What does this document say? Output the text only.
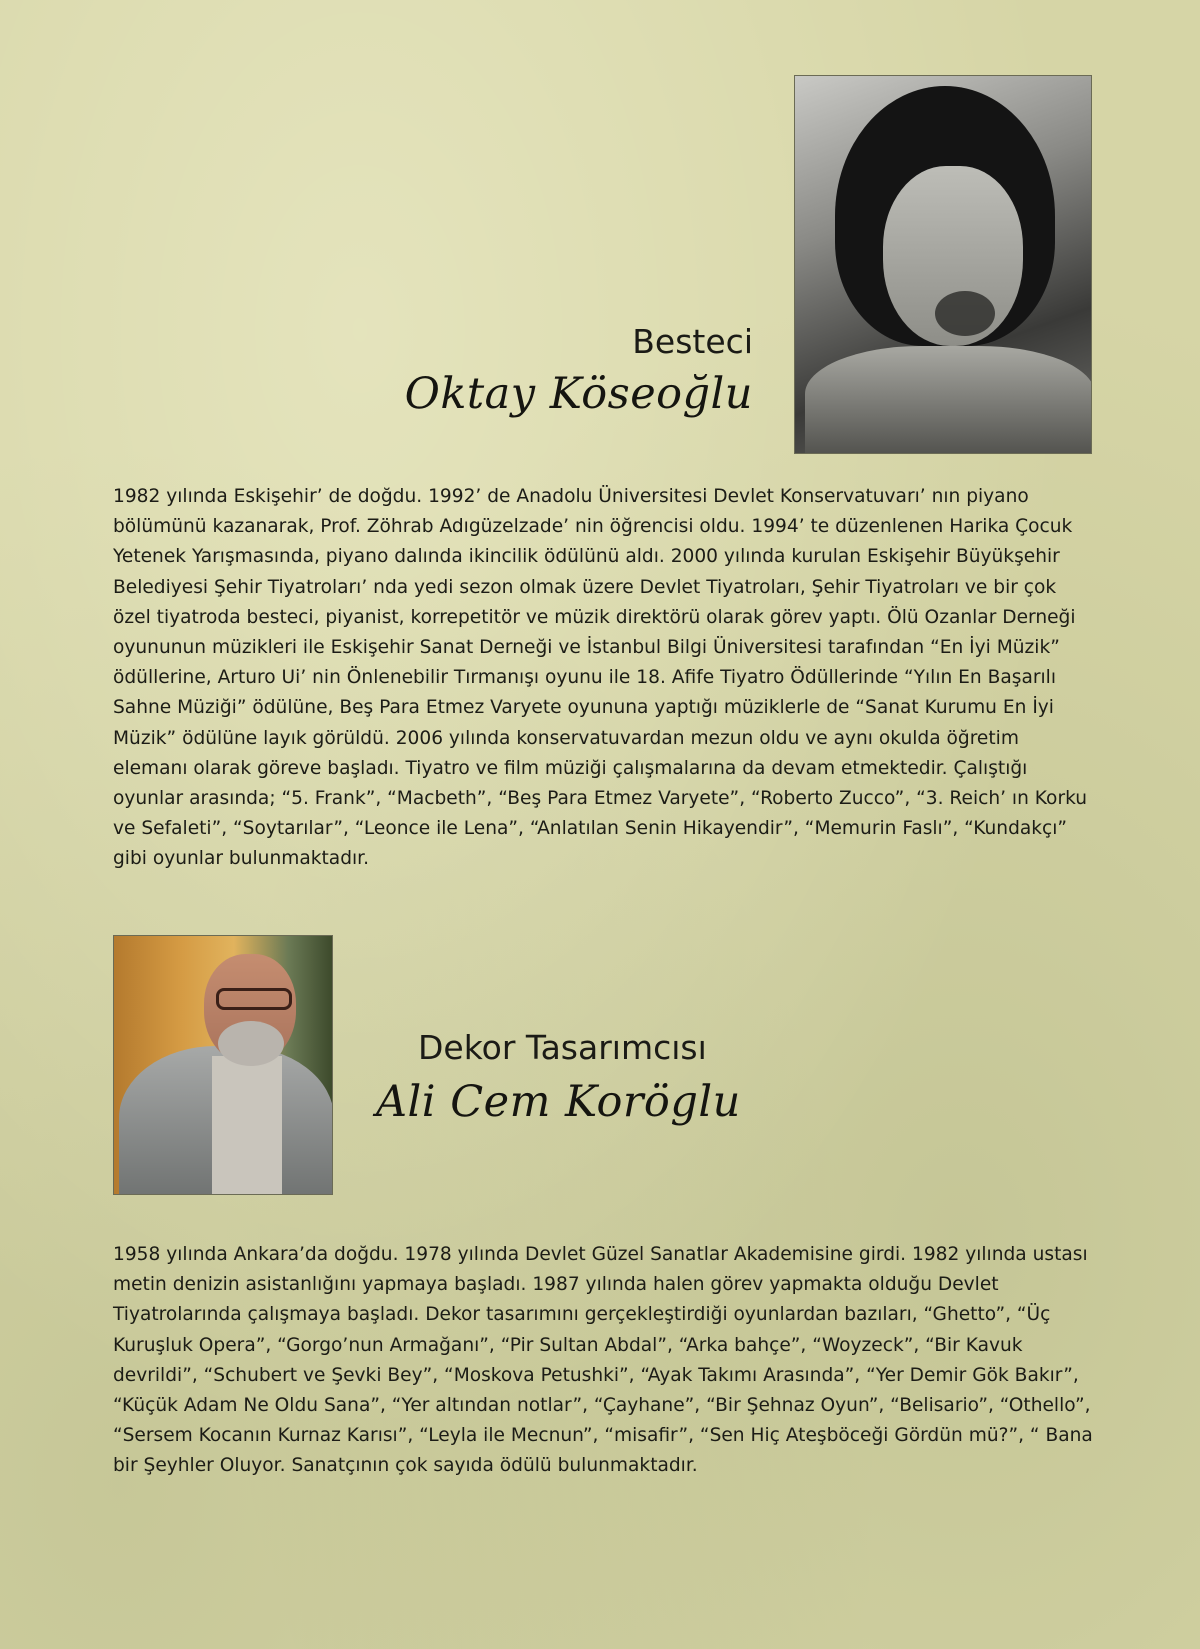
Besteci
Oktay Köseoğlu

1982 yılında Eskişehir’ de doğdu. 1992’ de Anadolu Üniversitesi Devlet Konservatuvarı’ nın piyano bölümünü kazanarak, Prof. Zöhrab Adıgüzelzade’ nin öğrencisi oldu. 1994’ te düzenlenen Harika Çocuk Yetenek Yarışmasında, piyano dalında ikincilik ödülünü aldı. 2000 yılında kurulan Eskişehir Büyükşehir Belediyesi Şehir Tiyatroları’ nda yedi sezon olmak üzere Devlet Tiyatroları, Şehir Tiyatroları ve bir çok özel tiyatroda besteci, piyanist, korrepetitör ve müzik direktörü olarak görev yaptı. Ölü Ozanlar Derneği oyununun müzikleri ile Eskişehir Sanat Derneği ve İstanbul Bilgi Üniversitesi tarafından “En İyi Müzik” ödüllerine, Arturo Ui’ nin Önlenebilir Tırmanışı oyunu ile 18. Afife Tiyatro Ödüllerinde “Yılın En Başarılı Sahne Müziği” ödülüne, Beş Para Etmez Varyete oyununa yaptığı müziklerle de “Sanat Kurumu En İyi Müzik” ödülüne layık görüldü. 2006 yılında konservatuvardan mezun oldu ve aynı okulda öğretim elemanı olarak göreve başladı. Tiyatro ve film müziği çalışmalarına da devam etmektedir. Çalıştığı oyunlar arasında; “5. Frank”, “Macbeth”, “Beş Para Etmez Varyete”, “Roberto Zucco”, “3. Reich’ ın Korku ve Sefaleti”, “Soytarılar”, “Leonce ile Lena”, “Anlatılan Senin Hikayendir”, “Memurin Faslı”, “Kundakçı” gibi oyunlar bulunmaktadır.

Dekor Tasarımcısı
Ali Cem Koröglu

1958 yılında Ankara’da doğdu. 1978 yılında Devlet Güzel Sanatlar Akademisine girdi. 1982 yılında ustası metin denizin asistanlığını yapmaya başladı. 1987 yılında halen görev yapmakta olduğu Devlet Tiyatrolarında çalışmaya başladı. Dekor tasarımını gerçekleştirdiği oyunlardan bazıları, “Ghetto”, “Üç Kuruşluk Opera”, “Gorgo’nun Armağanı”, “Pir Sultan Abdal”, “Arka bahçe”, “Woyzeck”, “Bir Kavuk devrildi”, “Schubert ve Şevki Bey”, “Moskova Petushki”, “Ayak Takımı Arasında”, “Yer Demir Gök Bakır”, “Küçük Adam Ne Oldu Sana”, “Yer altından notlar”, “Çayhane”, “Bir Şehnaz Oyun”, “Belisario”, “Othello”, “Sersem Kocanın Kurnaz Karısı”, “Leyla ile Mecnun”, “misafir”, “Sen Hiç Ateşböceği Gördün mü?”, “ Bana bir Şeyhler Oluyor. Sanatçının çok sayıda ödülü bulunmaktadır.
